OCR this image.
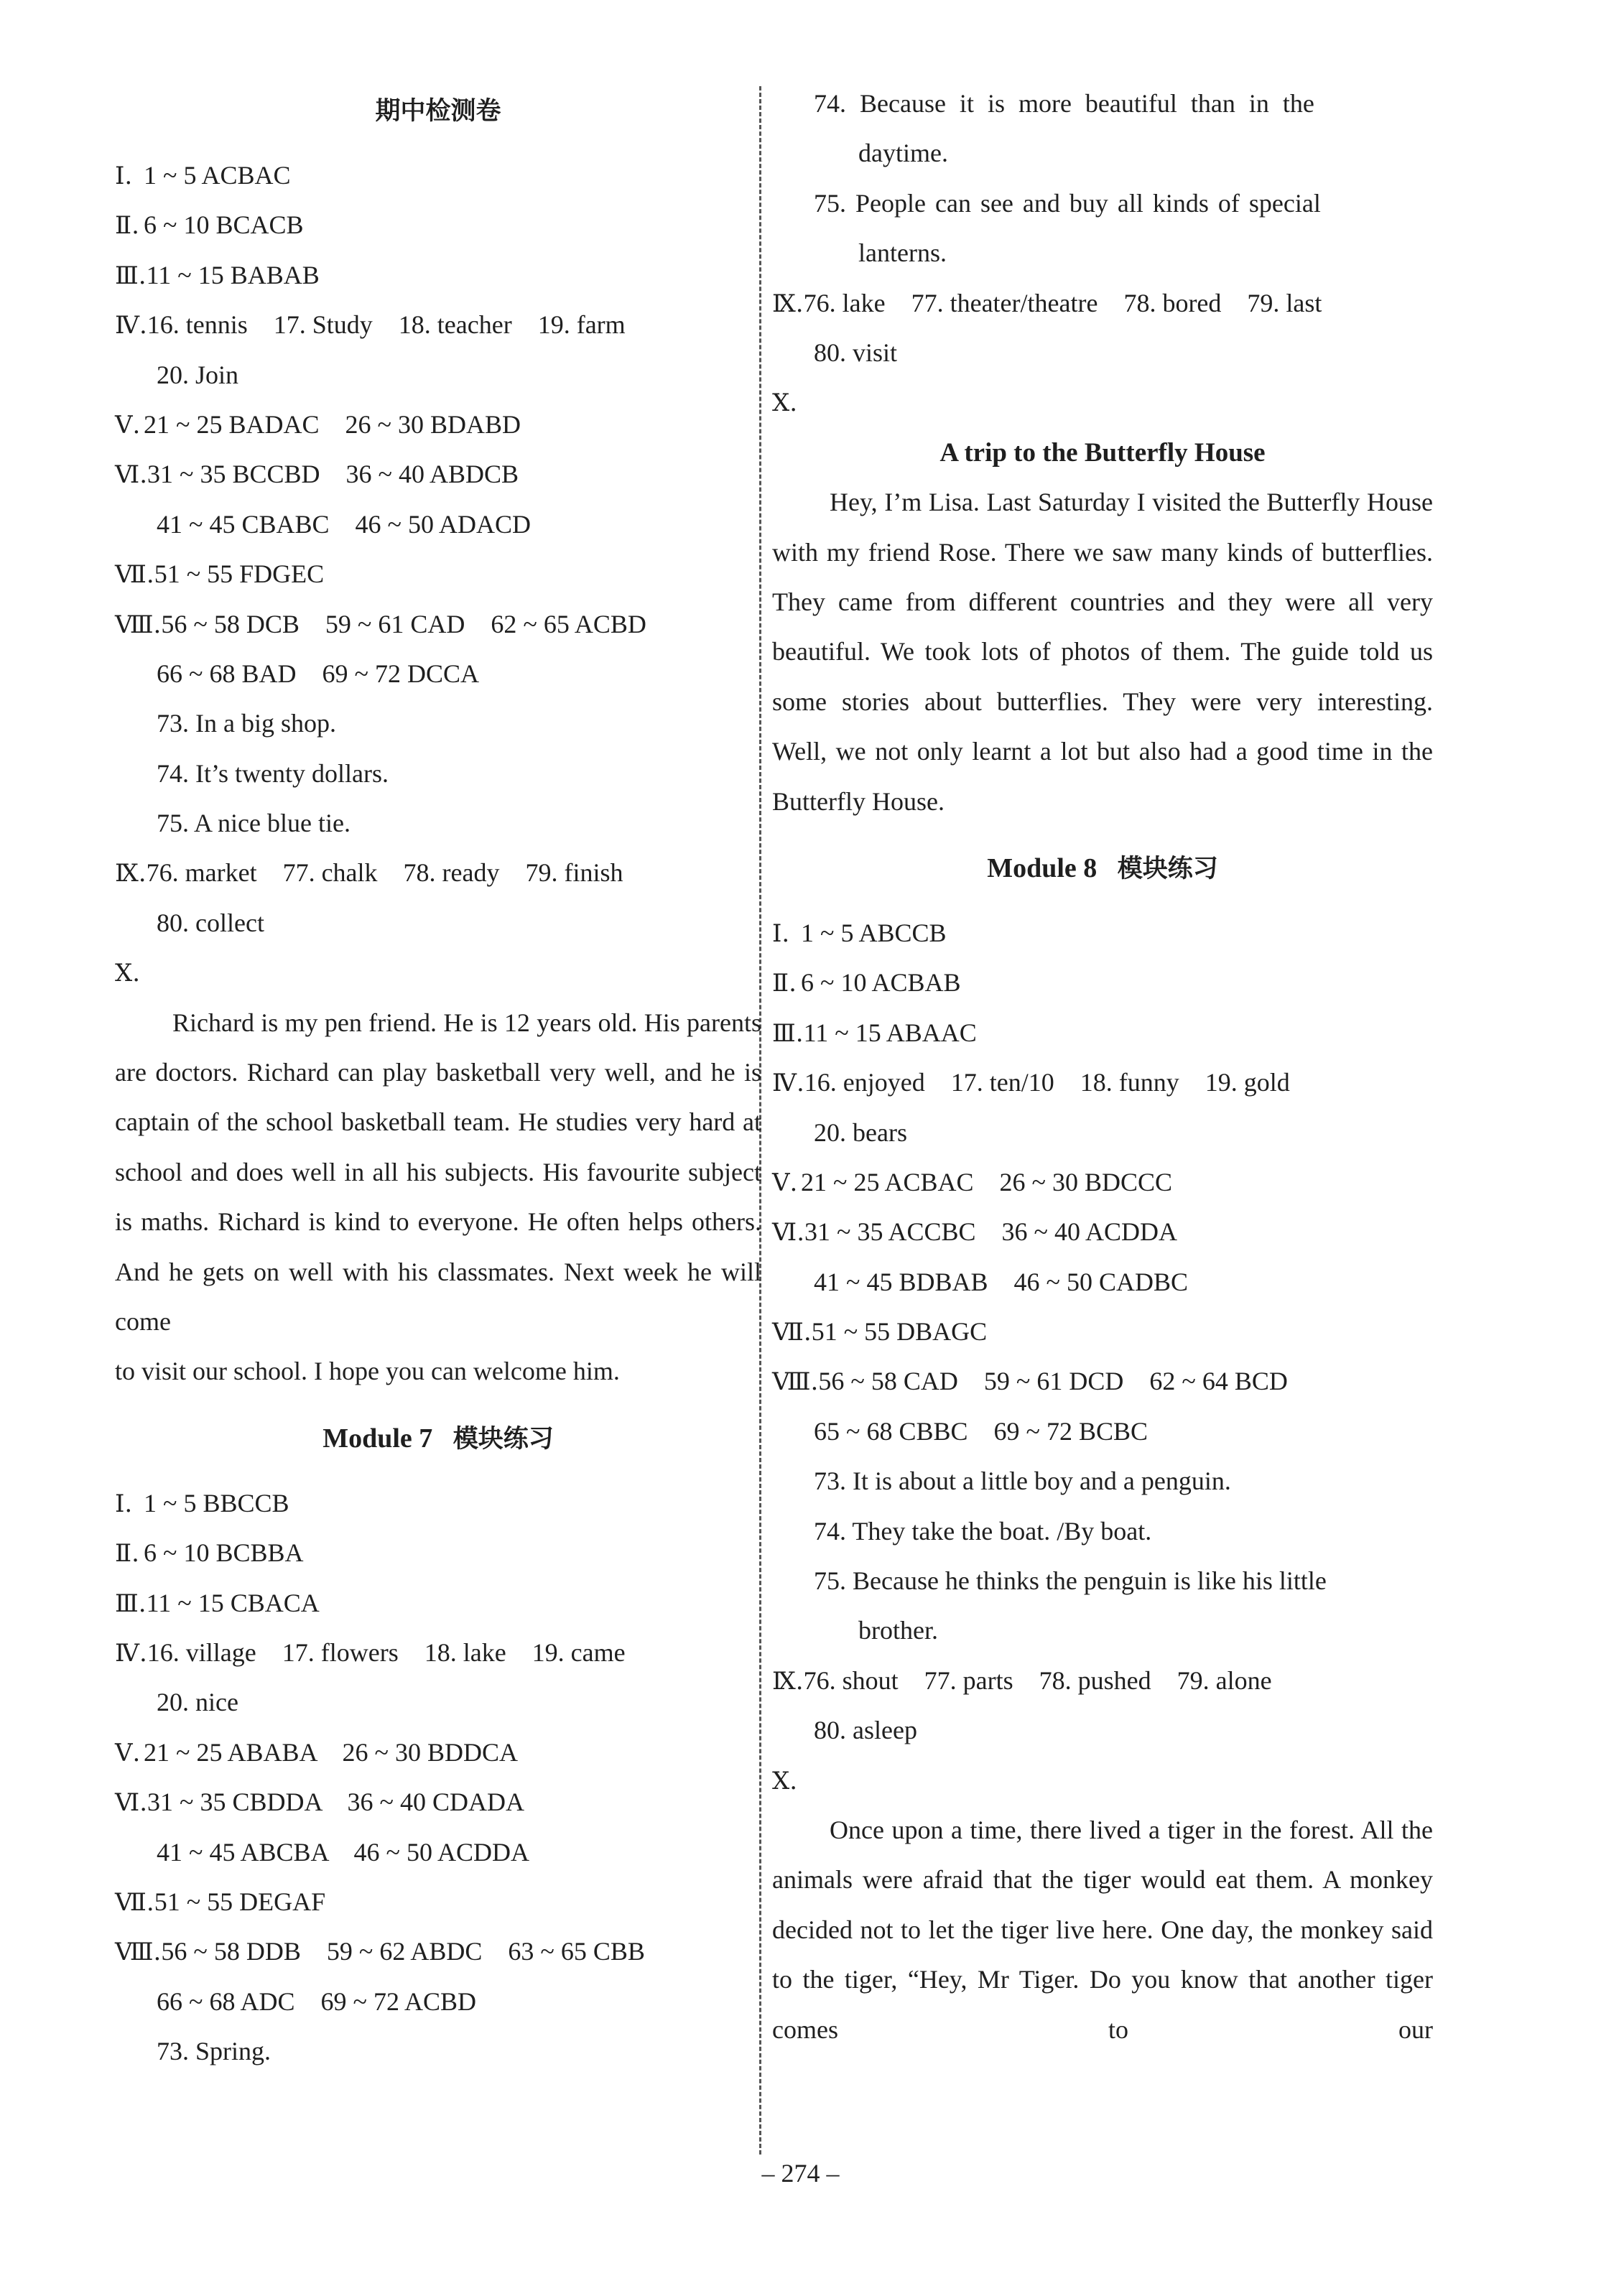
期中检测卷
Ⅰ. 1 ~ 5 ACBAC
Ⅱ. 6 ~ 10 BCACB
Ⅲ.11 ~ 15 BABAB
Ⅳ.16. tennis    17. Study    18. teacher    19. farm
20. Join
Ⅴ. 21 ~ 25 BADAC    26 ~ 30 BDABD
Ⅵ.31 ~ 35 BCCBD    36 ~ 40 ABDCB
41 ~ 45 CBABC    46 ~ 50 ADACD
Ⅶ.51 ~ 55 FDGEC
Ⅷ.56 ~ 58 DCB    59 ~ 61 CAD    62 ~ 65 ACBD
66 ~ 68 BAD    69 ~ 72 DCCA
73. In a big shop.
74. It’s twenty dollars.
75. A nice blue tie.
Ⅸ.76. market    77. chalk    78. ready    79. finish
80. collect
Ⅹ.
Richard is my pen friend. He is 12 years old. His parents are doctors. Richard can play basketball very well, and he is captain of the school basketball team. He studies very hard at school and does well in all his subjects. His favourite subject is maths. Richard is kind to everyone. He often helps others. And he gets on well with his classmates. Next week he will come
to visit our school. I hope you can welcome him.
Module 7 模块练习
Ⅰ. 1 ~ 5 BBCCB
Ⅱ. 6 ~ 10 BCBBA
Ⅲ.11 ~ 15 CBACA
Ⅳ.16. village    17. flowers    18. lake    19. came
20. nice
Ⅴ. 21 ~ 25 ABABA    26 ~ 30 BDDCA
Ⅵ.31 ~ 35 CBDDA    36 ~ 40 CDADA
41 ~ 45 ABCBA    46 ~ 50 ACDDA
Ⅶ.51 ~ 55 DEGAF
Ⅷ.56 ~ 58 DDB    59 ~ 62 ABDC    63 ~ 65 CBB
66 ~ 68 ADC    69 ~ 72 ACBD
73. Spring.
74. Because it is more beautiful than in the
daytime.
75. People can see and buy all kinds of special
lanterns.
Ⅸ.76. lake    77. theater/theatre    78. bored    79. last
80. visit
Ⅹ.
A trip to the Butterfly House
Hey, I’m Lisa. Last Saturday I visited the Butterfly House with my friend Rose. There we saw many kinds of butterflies. They came from different countries and they were all very beautiful. We took lots of photos of them. The guide told us some stories about butterflies. They were very interesting. Well, we not only learnt a lot but also had a good time in the
Butterfly House.
Module 8 模块练习
Ⅰ. 1 ~ 5 ABCCB
Ⅱ. 6 ~ 10 ACBAB
Ⅲ.11 ~ 15 ABAAC
Ⅳ.16. enjoyed    17. ten/10    18. funny    19. gold
20. bears
Ⅴ. 21 ~ 25 ACBAC    26 ~ 30 BDCCC
Ⅵ.31 ~ 35 ACCBC    36 ~ 40 ACDDA
41 ~ 45 BDBAB    46 ~ 50 CADBC
Ⅶ.51 ~ 55 DBAGC
Ⅷ.56 ~ 58 CAD    59 ~ 61 DCD    62 ~ 64 BCD
65 ~ 68 CBBC    69 ~ 72 BCBC
73. It is about a little boy and a penguin.
74. They take the boat. /By boat.
75. Because he thinks the penguin is like his little
brother.
Ⅸ.76. shout    77. parts    78. pushed    79. alone
80. asleep
Ⅹ.
Once upon a time, there lived a tiger in the forest. All the animals were afraid that the tiger would eat them. A monkey decided not to let the tiger live here. One day, the monkey said to the tiger, “Hey, Mr Tiger. Do you know that another tiger comes to our
– 274 –
